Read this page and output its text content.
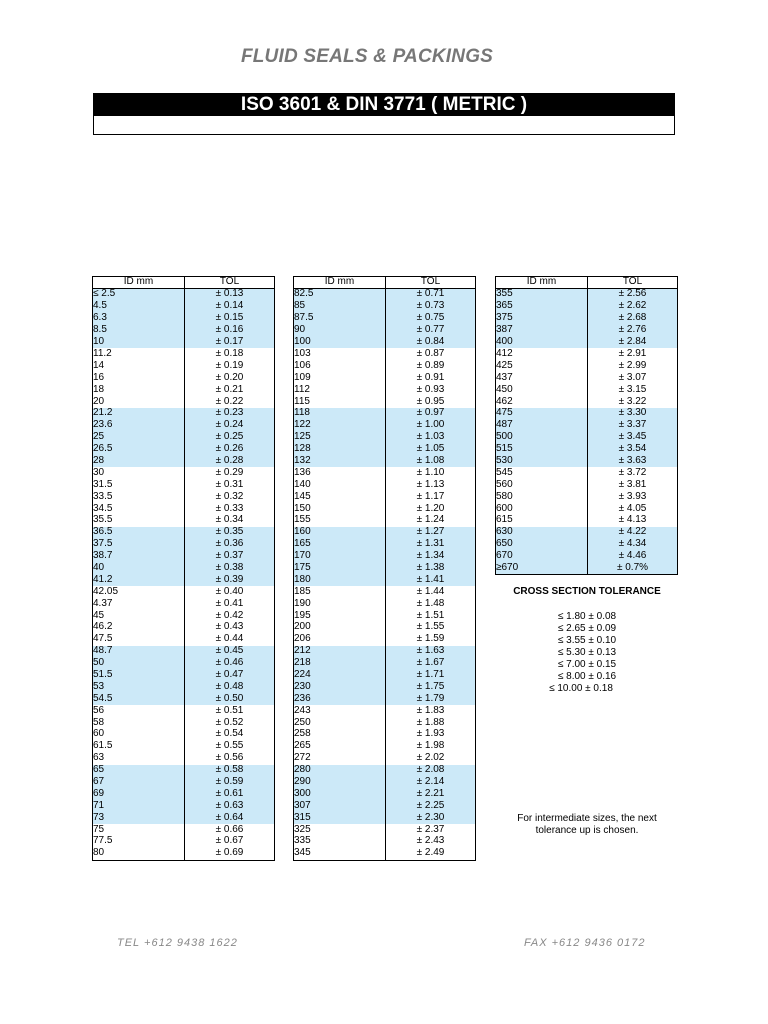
FLUID SEALS & PACKINGS
ISO 3601 & DIN 3771 ( METRIC )
ID mm	TOL
≤ 2.5	± 0.13
4.5	± 0.14
6.3	± 0.15
8.5	± 0.16
10	± 0.17
11.2	± 0.18
14	± 0.19
16	± 0.20
18	± 0.21
20	± 0.22
21.2	± 0.23
23.6	± 0.24
25	± 0.25
26.5	± 0.26
28	± 0.28
30	± 0.29
31.5	± 0.31
33.5	± 0.32
34.5	± 0.33
35.5	± 0.34
36.5	± 0.35
37.5	± 0.36
38.7	± 0.37
40	± 0.38
41.2	± 0.39
42.05	± 0.40
4.37	± 0.41
45	± 0.42
46.2	± 0.43
47.5	± 0.44
48.7	± 0.45
50	± 0.46
51.5	± 0.47
53	± 0.48
54.5	± 0.50
56	± 0.51
58	± 0.52
60	± 0.54
61.5	± 0.55
63	± 0.56
65	± 0.58
67	± 0.59
69	± 0.61
71	± 0.63
73	± 0.64
75	± 0.66
77.5	± 0.67
80	± 0.69
ID mm	TOL
82.5	± 0.71
85	± 0.73
87.5	± 0.75
90	± 0.77
100	± 0.84
103	± 0.87
106	± 0.89
109	± 0.91
112	± 0.93
115	± 0.95
118	± 0.97
122	± 1.00
125	± 1.03
128	± 1.05
132	± 1.08
136	± 1.10
140	± 1.13
145	± 1.17
150	± 1.20
155	± 1.24
160	± 1.27
165	± 1.31
170	± 1.34
175	± 1.38
180	± 1.41
185	± 1.44
190	± 1.48
195	± 1.51
200	± 1.55
206	± 1.59
212	± 1.63
218	± 1.67
224	± 1.71
230	± 1.75
236	± 1.79
243	± 1.83
250	± 1.88
258	± 1.93
265	± 1.98
272	± 2.02
280	± 2.08
290	± 2.14
300	± 2.21
307	± 2.25
315	± 2.30
325	± 2.37
335	± 2.43
345	± 2.49
ID mm	TOL
355	± 2.56
365	± 2.62
375	± 2.68
387	± 2.76
400	± 2.84
412	± 2.91
425	± 2.99
437	± 3.07
450	± 3.15
462	± 3.22
475	± 3.30
487	± 3.37
500	± 3.45
515	± 3.54
530	± 3.63
545	± 3.72
560	± 3.81
580	± 3.93
600	± 4.05
615	± 4.13
630	± 4.22
650	± 4.34
670	± 4.46
≥670	± 0.7%
CROSS SECTION TOLERANCE
≤ 1.80 ± 0.08
≤ 2.65 ± 0.09
≤ 3.55 ± 0.10
≤ 5.30 ± 0.13
≤ 7.00 ± 0.15
≤ 8.00 ± 0.16
≤ 10.00 ± 0.18
For intermediate sizes, the next tolerance up is chosen.
TEL +612 9438 1622	FAX +612 9436 0172
